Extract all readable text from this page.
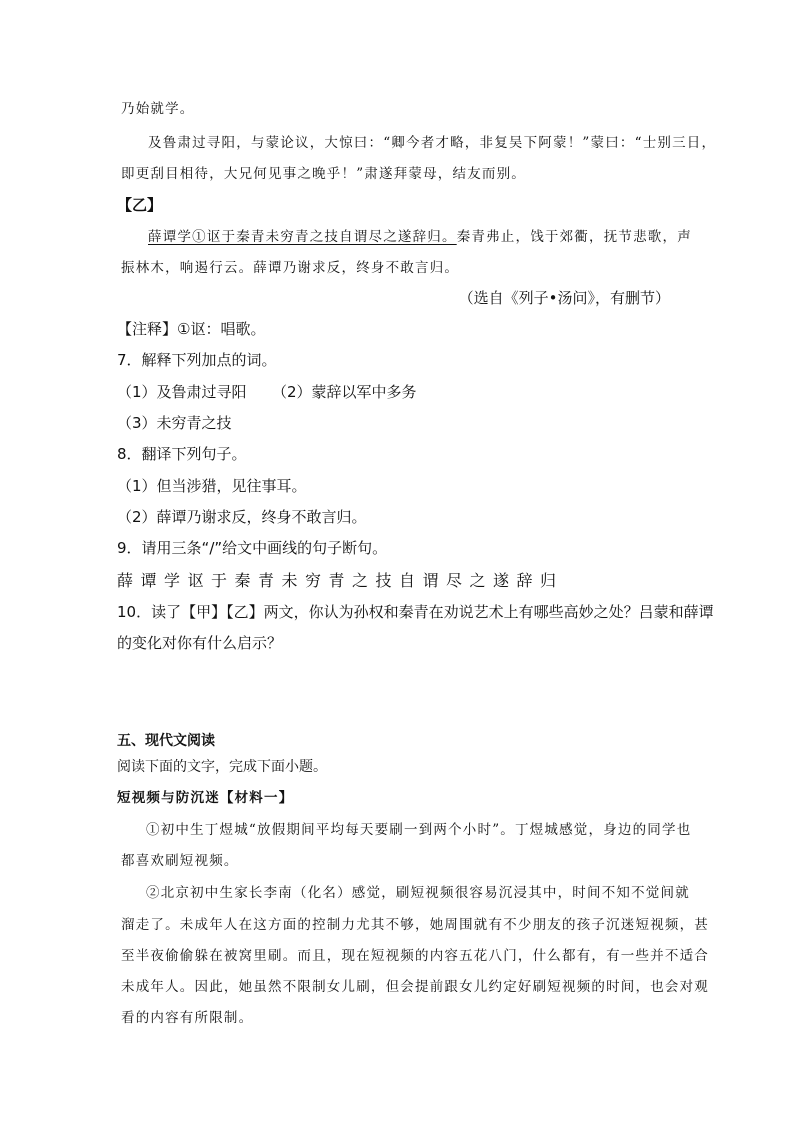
乃始就学。
及鲁肃过寻阳，与蒙论议，大惊曰：“卿今者才略，非复吴下阿蒙！”蒙曰：“士别三日，
即更刮目相待，大兄何见事之晚乎！”肃遂拜蒙母，结友而别。
【乙】
薛谭学①讴于秦青未穷青之技自谓尽之遂辞归。秦青弗止，饯于郊衢，抚节悲歌，声
振林木，响遏行云。薛谭乃谢求反，终身不敢言归。
（选自《列子•汤问》，有删节）
【注释】①讴：唱歌。
7．解释下列加点的词。
（1）及鲁肃过寻阳 （2）蒙辞以军中多务
（3）未穷青之技
8．翻译下列句子。
（1）但当涉猎，见往事耳。
（2）薛谭乃谢求反，终身不敢言归。
9．请用三条“/”给文中画线的句子断句。
薛谭学讴于秦青未穷青之技自谓尽之遂辞归
10．读了【甲】【乙】两文，你认为孙权和秦青在劝说艺术上有哪些高妙之处？吕蒙和薛谭
的变化对你有什么启示？
五、现代文阅读
阅读下面的文字，完成下面小题。
短视频与防沉迷【材料一】
①初中生丁煜城“放假期间平均每天要刷一到两个小时”。丁煜城感觉，身边的同学也
都喜欢刷短视频。
②北京初中生家长李南（化名）感觉，刷短视频很容易沉浸其中，时间不知不觉间就
溜走了。未成年人在这方面的控制力尤其不够，她周围就有不少朋友的孩子沉迷短视频，甚
至半夜偷偷躲在被窝里刷。而且，现在短视频的内容五花八门，什么都有，有一些并不适合
未成年人。因此，她虽然不限制女儿刷，但会提前跟女儿约定好刷短视频的时间，也会对观
看的内容有所限制。
